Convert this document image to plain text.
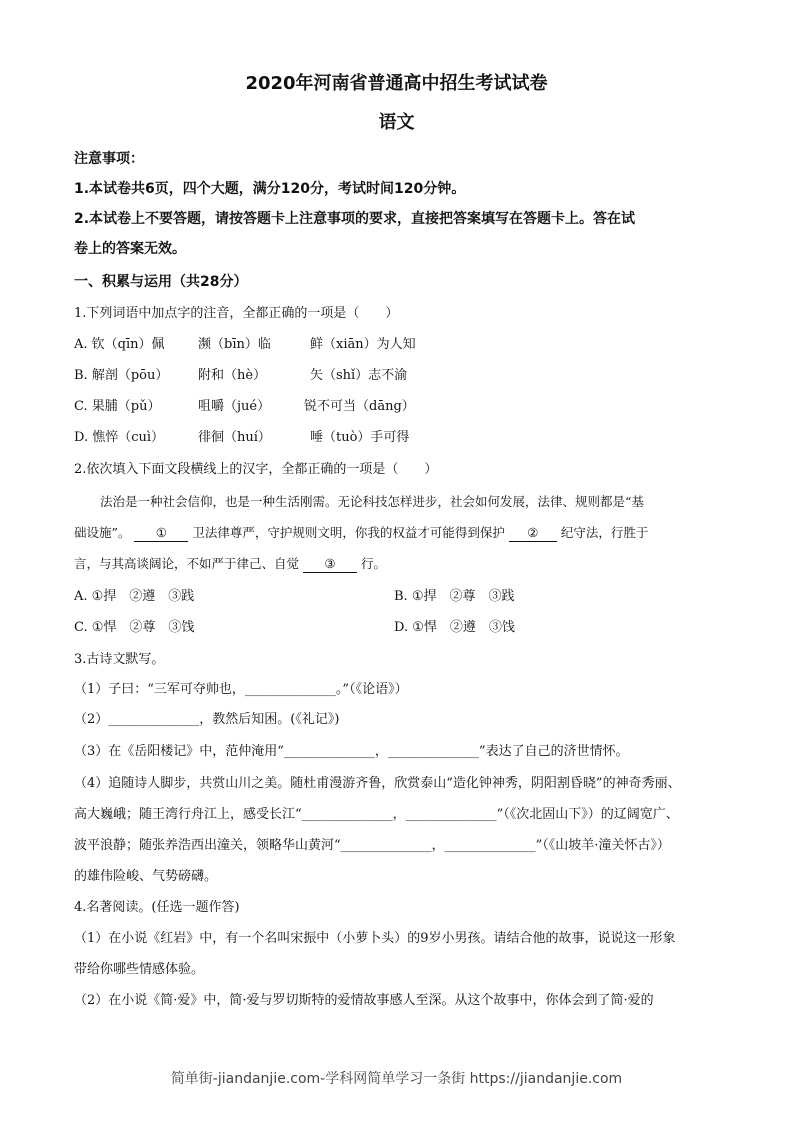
2020年河南省普通高中招生考试试卷
语文
注意事项：
1.本试卷共6页，四个大题，满分120分，考试时间120分钟。
2.本试卷上不要答题，请按答题卡上注意事项的要求，直接把答案填写在答题卡上。答在试
卷上的答案无效。
一、积累与运用（共28分）
1.下列词语中加点字的注音，全都正确的一项是（　　）
A. 钦（qīn）佩	濒（bīn）临	鲜（xiān）为人知
B. 解剖（pōu） 附和（hè）	矢（shǐ）志不渝
C. 果脯（pǔ）	咀嚼（jué）	锐不可当（dāng）
D. 憔悴（cuì）	徘徊（huí）	唾（tuò）手可得
2.依次填入下面文段横线上的汉字，全都正确的一项是（　　）
法治是一种社会信仰，也是一种生活刚需。无论科技怎样进步，社会如何发展，法律、规则都是“基
础设施”。 ① 卫法律尊严，守护规则文明，你我的权益才可能得到保护 ② 纪守法，行胜于
言，与其高谈阔论，不如严于律己、自觉 ③ 行。
A. ①捍　②遵　③践	B. ①捍　②尊　③践
C. ①悍　②尊　③饯	D. ①悍　②遵　③饯
3.古诗文默写。
（1）子曰：“三军可夺帅也，______________。”（《论语》）
（2）______________，教然后知困。(《礼记》)
（3）在《岳阳楼记》中，范仲淹用“______________，______________”表达了自己的济世情怀。
（4）追随诗人脚步，共赏山川之美。随杜甫漫游齐鲁，欣赏泰山“造化钟神秀，阴阳割昏晓”的神奇秀丽、
高大巍峨；随王湾行舟江上，感受长江“______________，______________”（《次北固山下》）的辽阔宽广、
波平浪静；随张养浩西出潼关，领略华山黄河“______________，______________”（《山坡羊·潼关怀古》）
的雄伟险峻、气势磅礴。
4.名著阅读。(任选一题作答)
（1）在小说《红岩》中，有一个名叫宋振中（小萝卜头）的9岁小男孩。请结合他的故事，说说这一形象
带给你哪些情感体验。
（2）在小说《简·爱》中，简·爱与罗切斯特的爱情故事感人至深。从这个故事中，你体会到了简·爱的
简单街-jiandanjie.com-学科网简单学习一条街 https://jiandanjie.com
